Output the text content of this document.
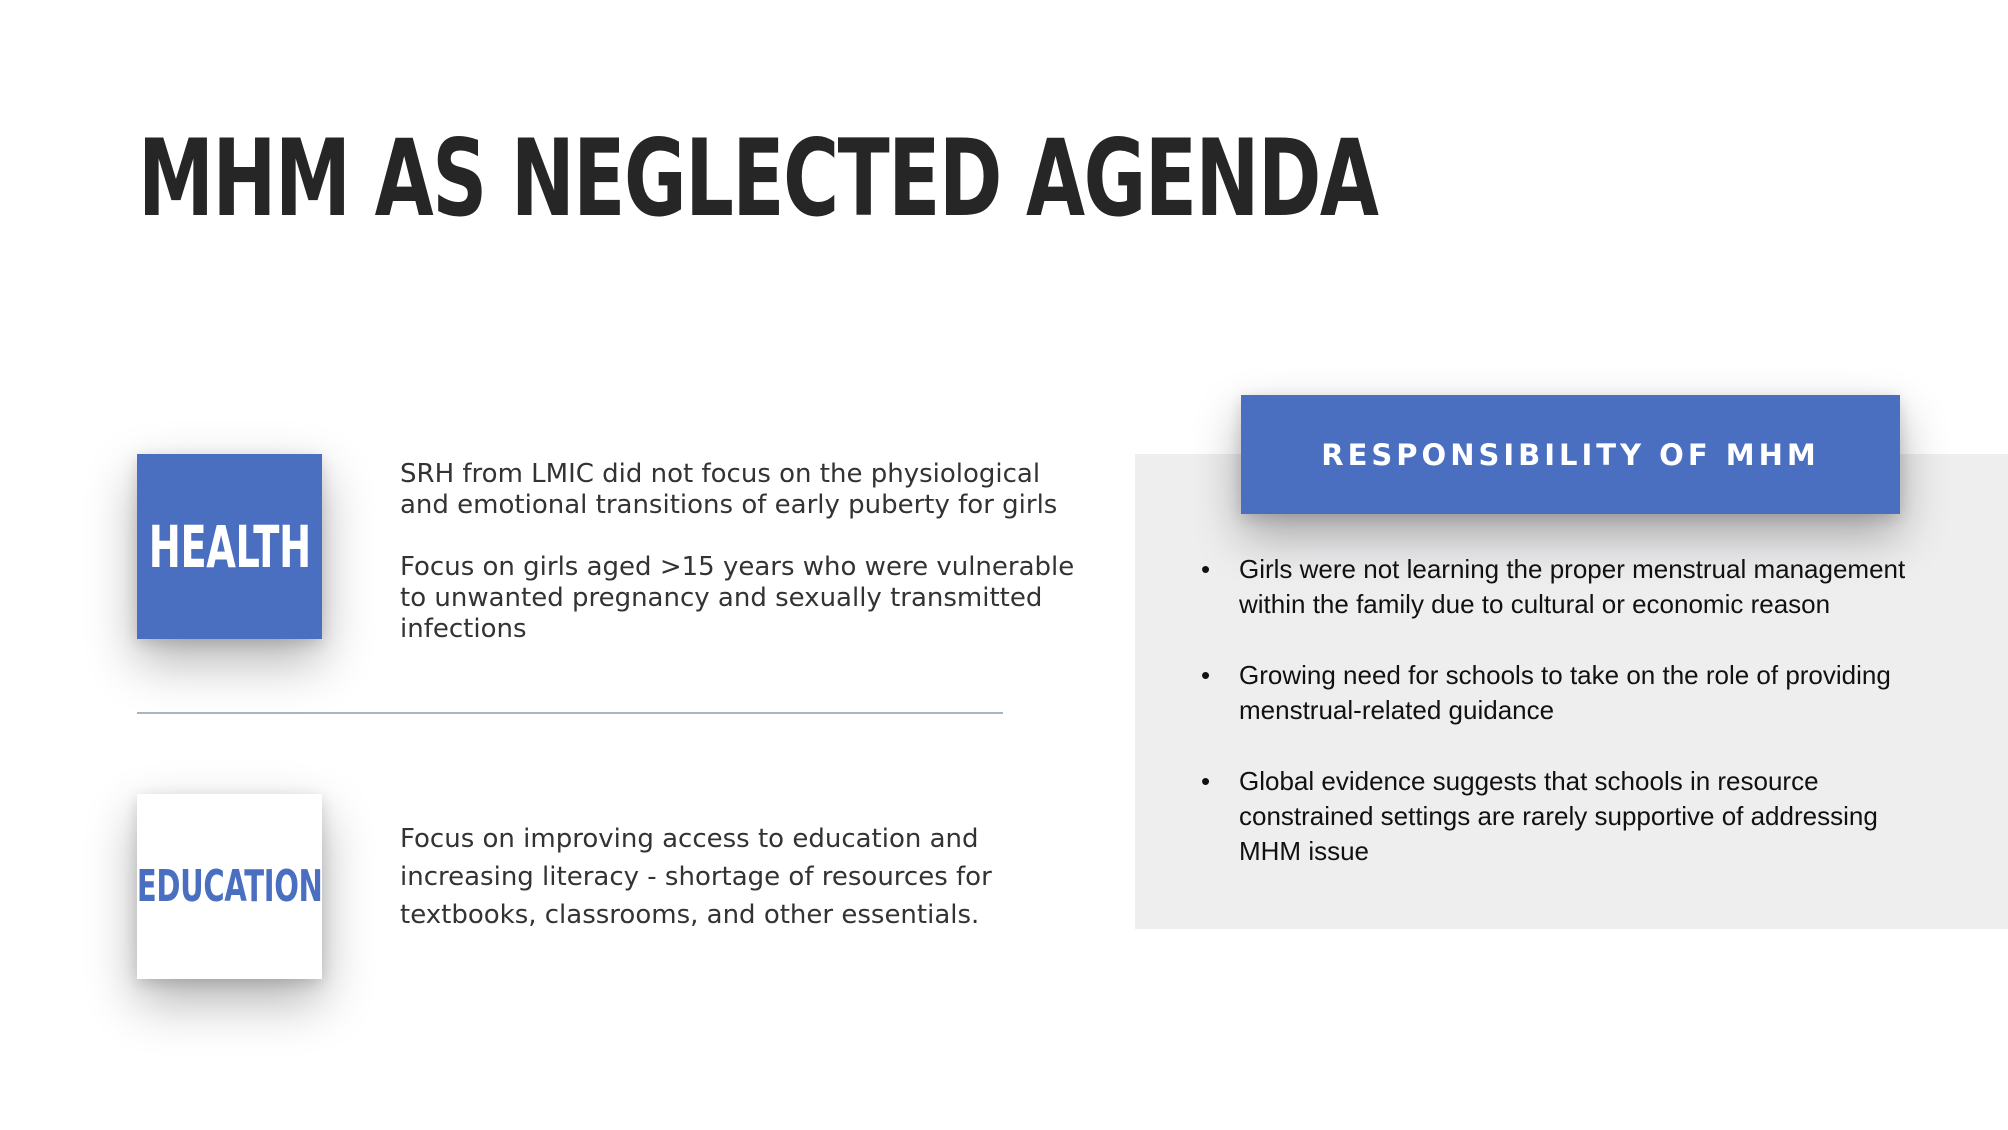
MHM AS NEGLECTED AGENDA
HEALTH

SRH from LMIC did not focus on the physiological
and emotional transitions of early puberty for girls

Focus on girls aged >15 years who were vulnerable
to unwanted pregnancy and sexually transmitted
infections

EDUCATION

Focus on improving access to education and
increasing literacy - shortage of resources for
textbooks, classrooms, and other essentials.

RESPONSIBILITY OF MHM
• Girls were not learning the proper menstrual management
within the family due to cultural or economic reason
• Growing need for schools to take on the role of providing
menstrual-related guidance
• Global evidence suggests that schools in resource
constrained settings are rarely supportive of addressing
MHM issue
